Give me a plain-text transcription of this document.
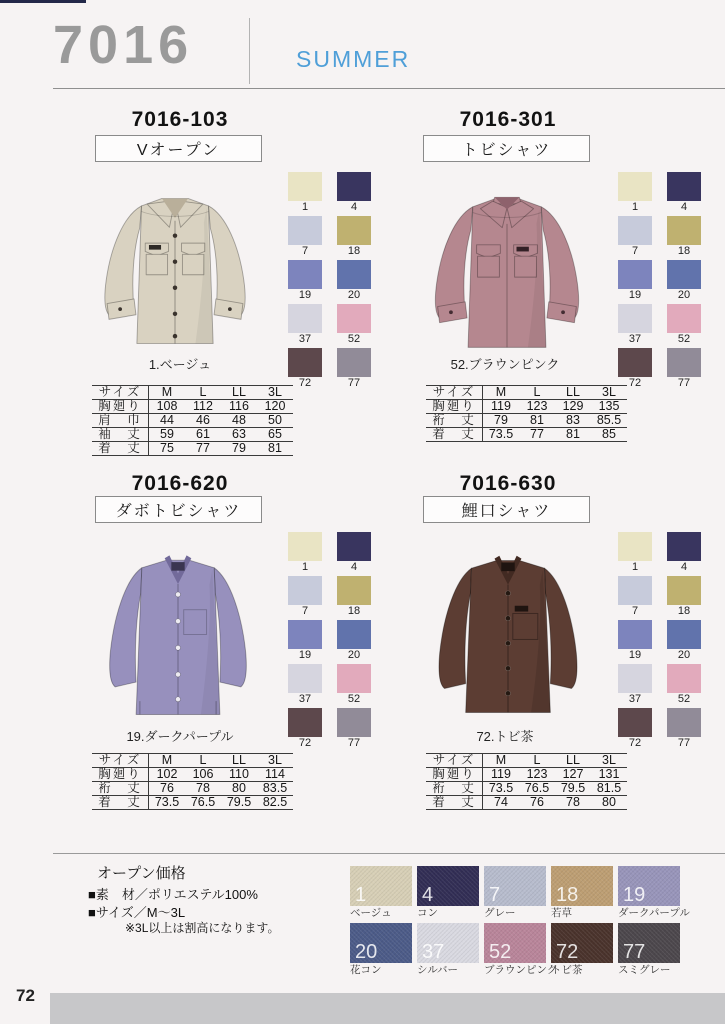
7016	SUMMER
7016-103
Vオープン
1.ベージュ
1	4
7	18
19	20
37	52
72	77
サイズ	M	L	LL	3L
胸廻り	108	112	116	120
肩　巾	44	46	48	50
袖　丈	59	61	63	65
着　丈	75	77	79	81
7016-301
トビシャツ
52.ブラウンピンク
1	4
7	18
19	20
37	52
72	77
サイズ	M	L	LL	3L
胸廻り	119	123	129	135
裄　丈	79	81	83	85.5
着　丈	73.5	77	81	85
7016-620
ダボトビシャツ
19.ダークパープル
1	4
7	18
19	20
37	52
72	77
サイズ	M	L	LL	3L
胸廻り	102	106	110	114
裄　丈	76	78	80	83.5
着　丈	73.5	76.5	79.5	82.5
7016-630
鯉口シャツ
72.トビ茶
1	4
7	18
19	20
37	52
72	77
サイズ	M	L	LL	3L
胸廻り	119	123	127	131
裄　丈	73.5	76.5	79.5	81.5
着　丈	74	76	78	80
オープン価格
■素　材／ポリエステル100%
■サイズ／M〜3L
※3L以上は割高になります。
1
ベージュ
4
コン
7
グレー
18
若草
19
ダークパープル
20
花コン
37
シルバー
52
ブラウンピンク
72
トビ茶
77
スミグレー
72
